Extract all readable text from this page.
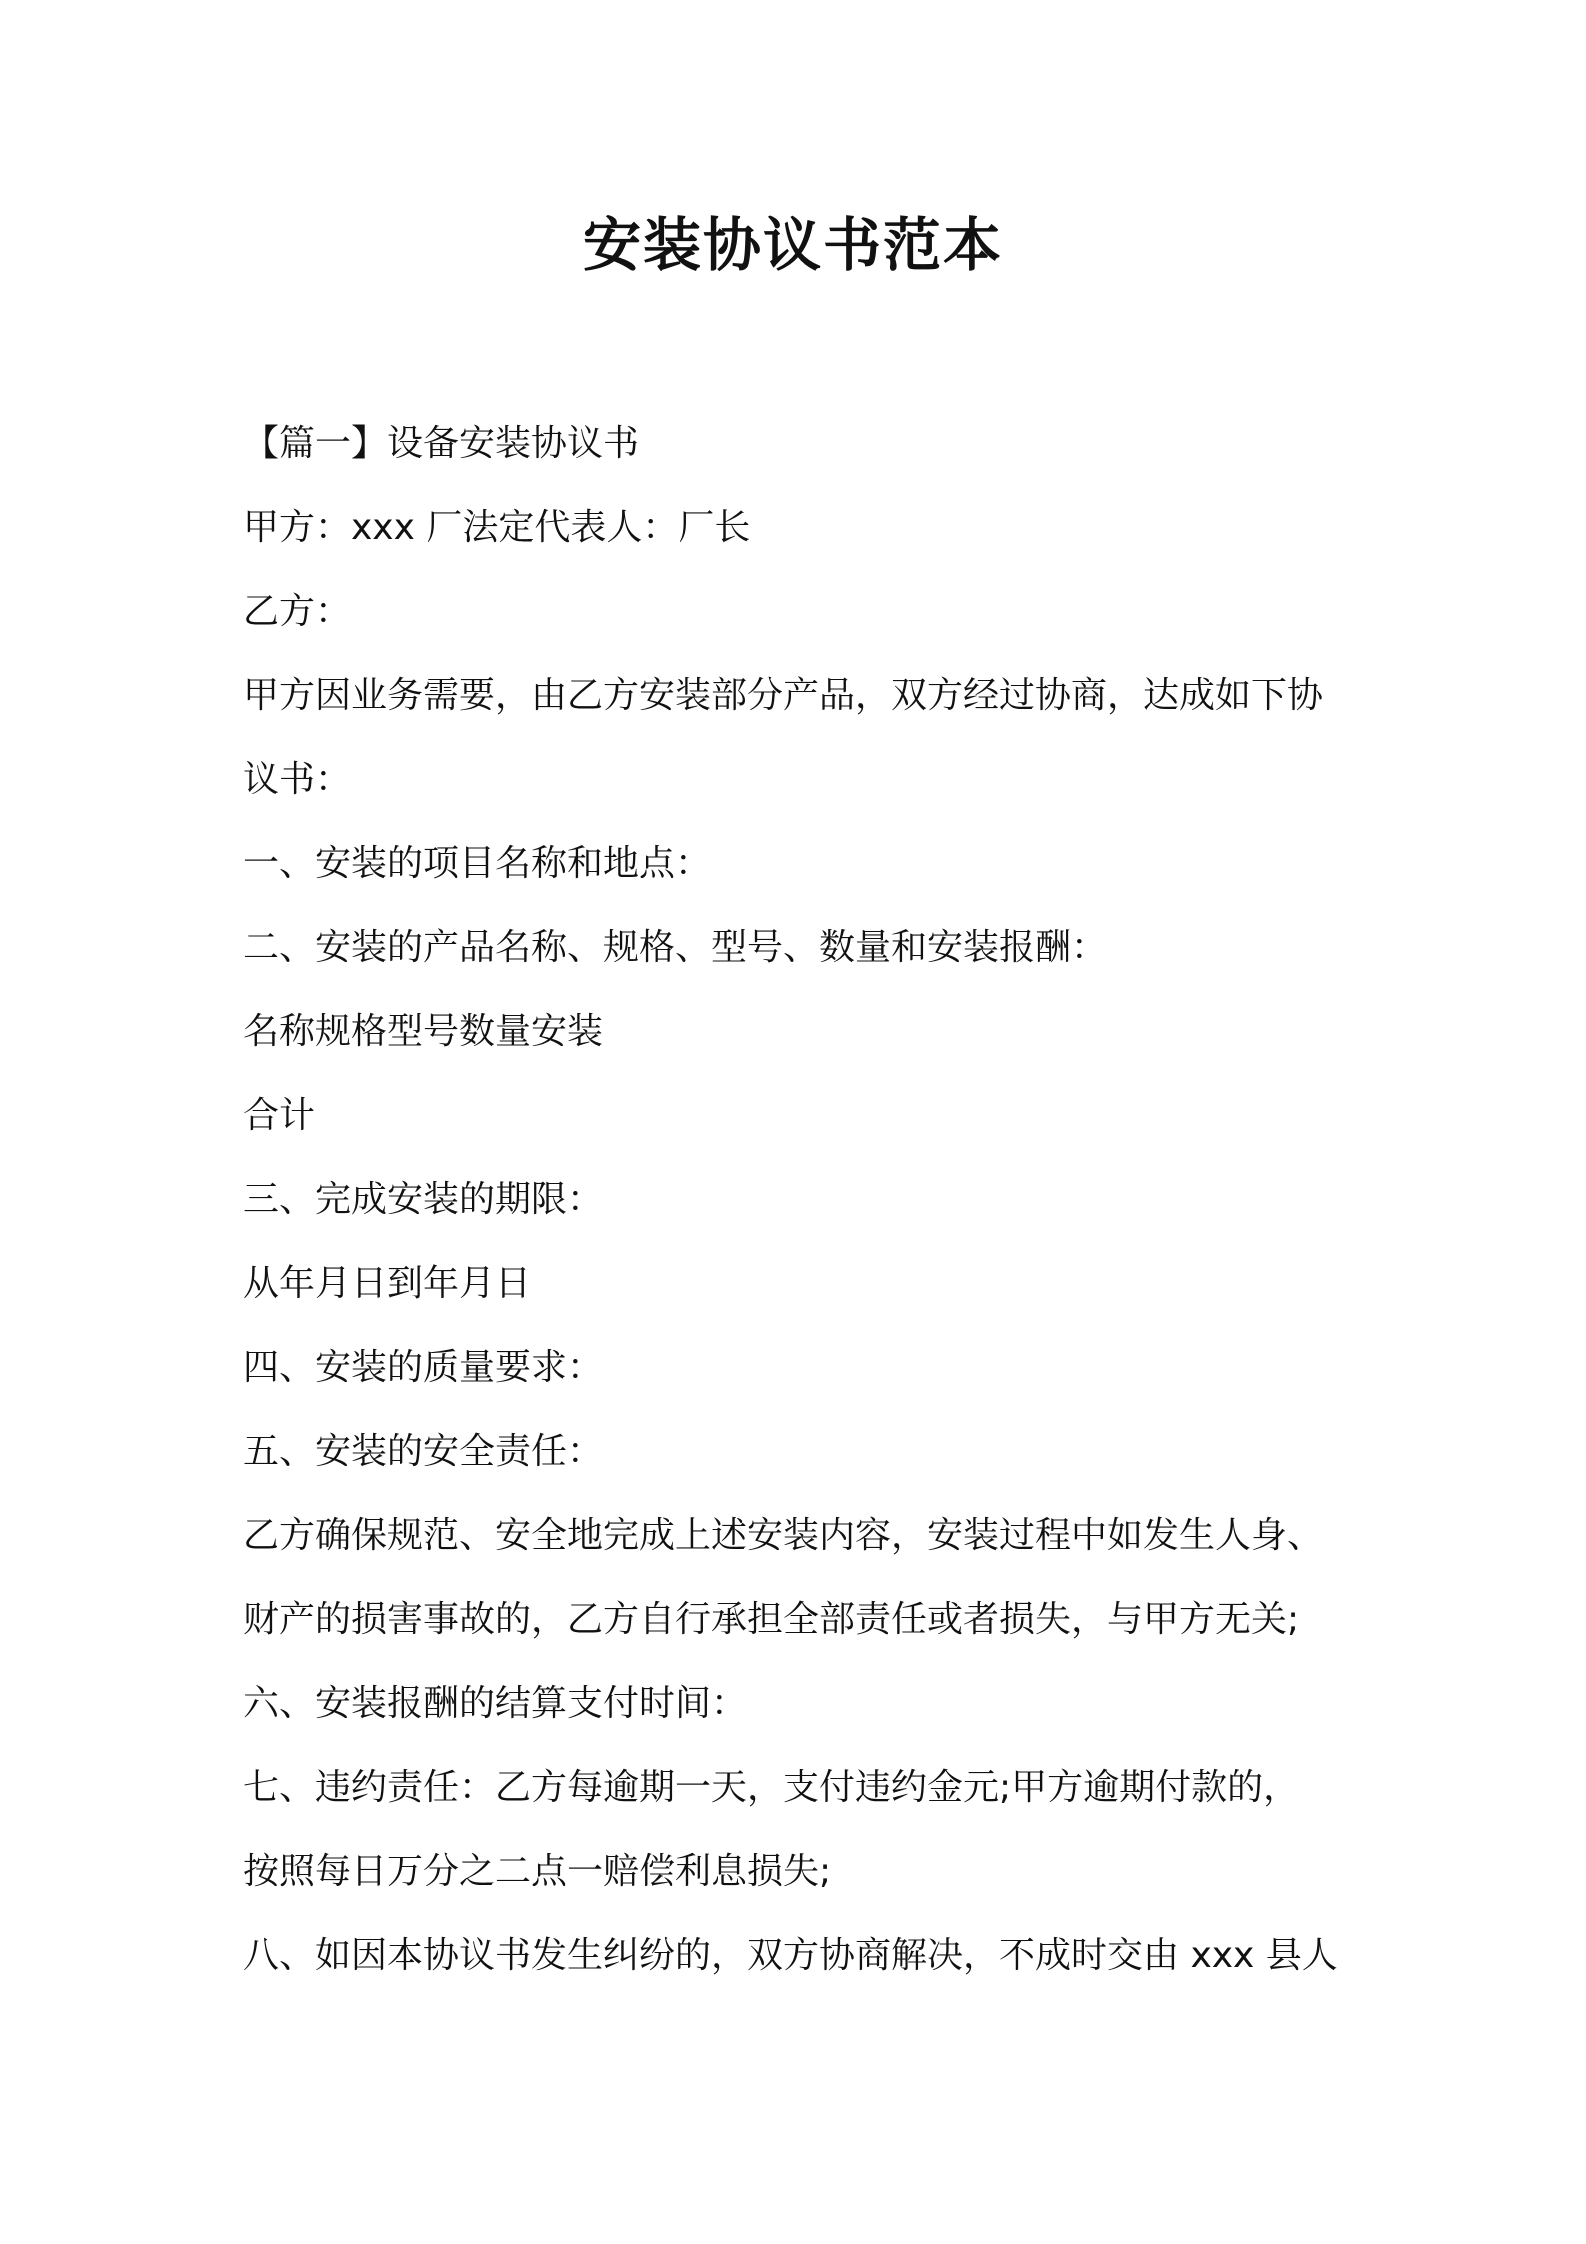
安装协议书范本
【篇一】设备安装协议书
甲方：xxx 厂法定代表人：厂长
乙方：
甲方因业务需要，由乙方安装部分产品，双方经过协商，达成如下协
议书：
一、安装的项目名称和地点：
二、安装的产品名称、规格、型号、数量和安装报酬：
名称规格型号数量安装
合计
三、完成安装的期限：
从年月日到年月日
四、安装的质量要求：
五、安装的安全责任：
乙方确保规范、安全地完成上述安装内容，安装过程中如发生人身、
财产的损害事故的，乙方自行承担全部责任或者损失，与甲方无关;
六、安装报酬的结算支付时间：
七、违约责任：乙方每逾期一天，支付违约金元;甲方逾期付款的，
按照每日万分之二点一赔偿利息损失;
八、如因本协议书发生纠纷的，双方协商解决，不成时交由 xxx 县人
